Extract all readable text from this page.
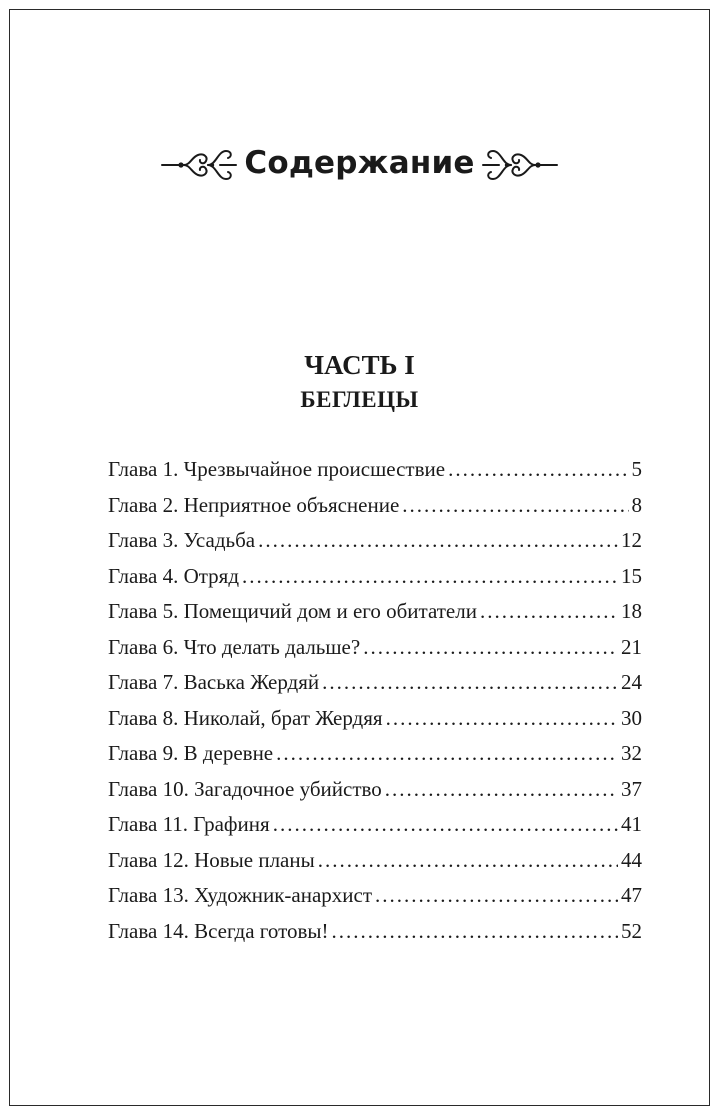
Содержание
ЧАСТЬ I
БЕГЛЕЦЫ
Глава 1. Чрезвычайное происшествие .....	5
Глава 2. Неприятное объяснение .....	8
Глава 3. Усадьба .....	12
Глава 4. Отряд .....	15
Глава 5. Помещичий дом и его обитатели .....	18
Глава 6. Что делать дальше? .....	21
Глава 7. Васька Жердяй .....	24
Глава 8. Николай, брат Жердяя .....	30
Глава 9. В деревне .....	32
Глава 10. Загадочное убийство .....	37
Глава 11. Графиня .....	41
Глава 12. Новые планы .....	44
Глава 13. Художник-анархист .....	47
Глава 14. Всегда готовы! .....	52
